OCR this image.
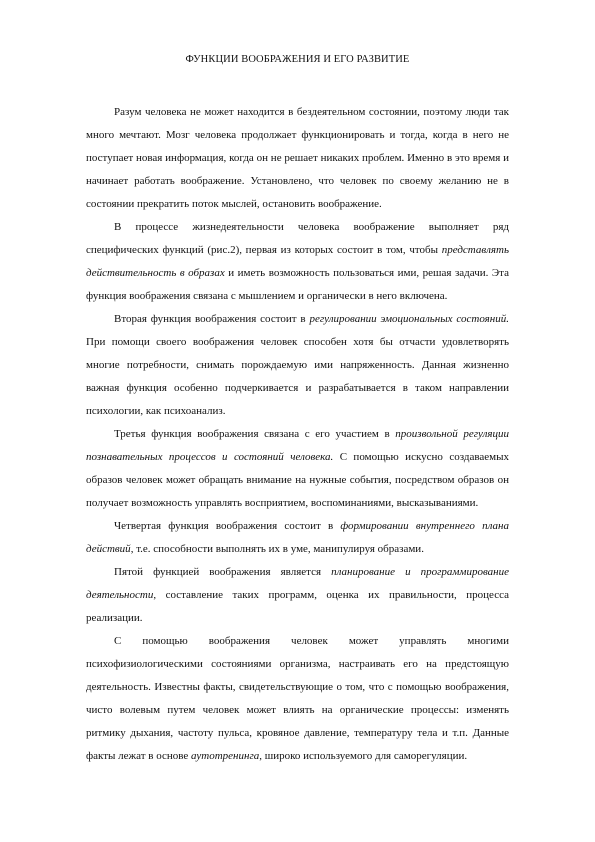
ФУНКЦИИ ВООБРАЖЕНИЯ И ЕГО РАЗВИТИЕ

Разум человека не может находится в бездеятельном состоянии, поэтому люди так много мечтают. Мозг человека продолжает функционировать и тогда, когда в него не поступает новая информация, когда он не решает никаких проблем. Именно в это время и начинает работать воображение. Установлено, что человек по своему желанию не в состоянии прекратить поток мыслей, остановить воображение.

В процессе жизнедеятельности человека воображение выполняет ряд специфических функций (рис.2), первая из которых состоит в том, чтобы представлять действительность в образах и иметь возможность пользоваться ими, решая задачи. Эта функция воображения связана с мышлением и органически в него включена.

Вторая функция воображения состоит в регулировании эмоциональных состояний. При помощи своего воображения человек способен хотя бы отчасти удовлетворять многие потребности, снимать порождаемую ими напряженность. Данная жизненно важная функция особенно подчеркивается и разрабатывается в таком направлении психологии, как психоанализ.

Третья функция воображения связана с его участием в произвольной регуляции познавательных процессов и состояний человека. С помощью искусно создаваемых образов человек может обращать внимание на нужные события, посредством образов он получает возможность управлять восприятием, воспоминаниями, высказываниями.

Четвертая функция воображения состоит в формировании внутреннего плана действий, т.е. способности выполнять их в уме, манипулируя образами.

Пятой функцией воображения является планирование и программирование деятельности, составление таких программ, оценка их правильности, процесса реализации.

С помощью воображения человек может управлять многими психофизиологическими состояниями организма, настраивать его на предстоящую деятельность. Известны факты, свидетельствующие о том, что с помощью воображения, чисто волевым путем человек может влиять на органические процессы: изменять ритмику дыхания, частоту пульса, кровяное давление, температуру тела и т.п. Данные факты лежат в основе аутотренинга, широко используемого для саморегуляции.
